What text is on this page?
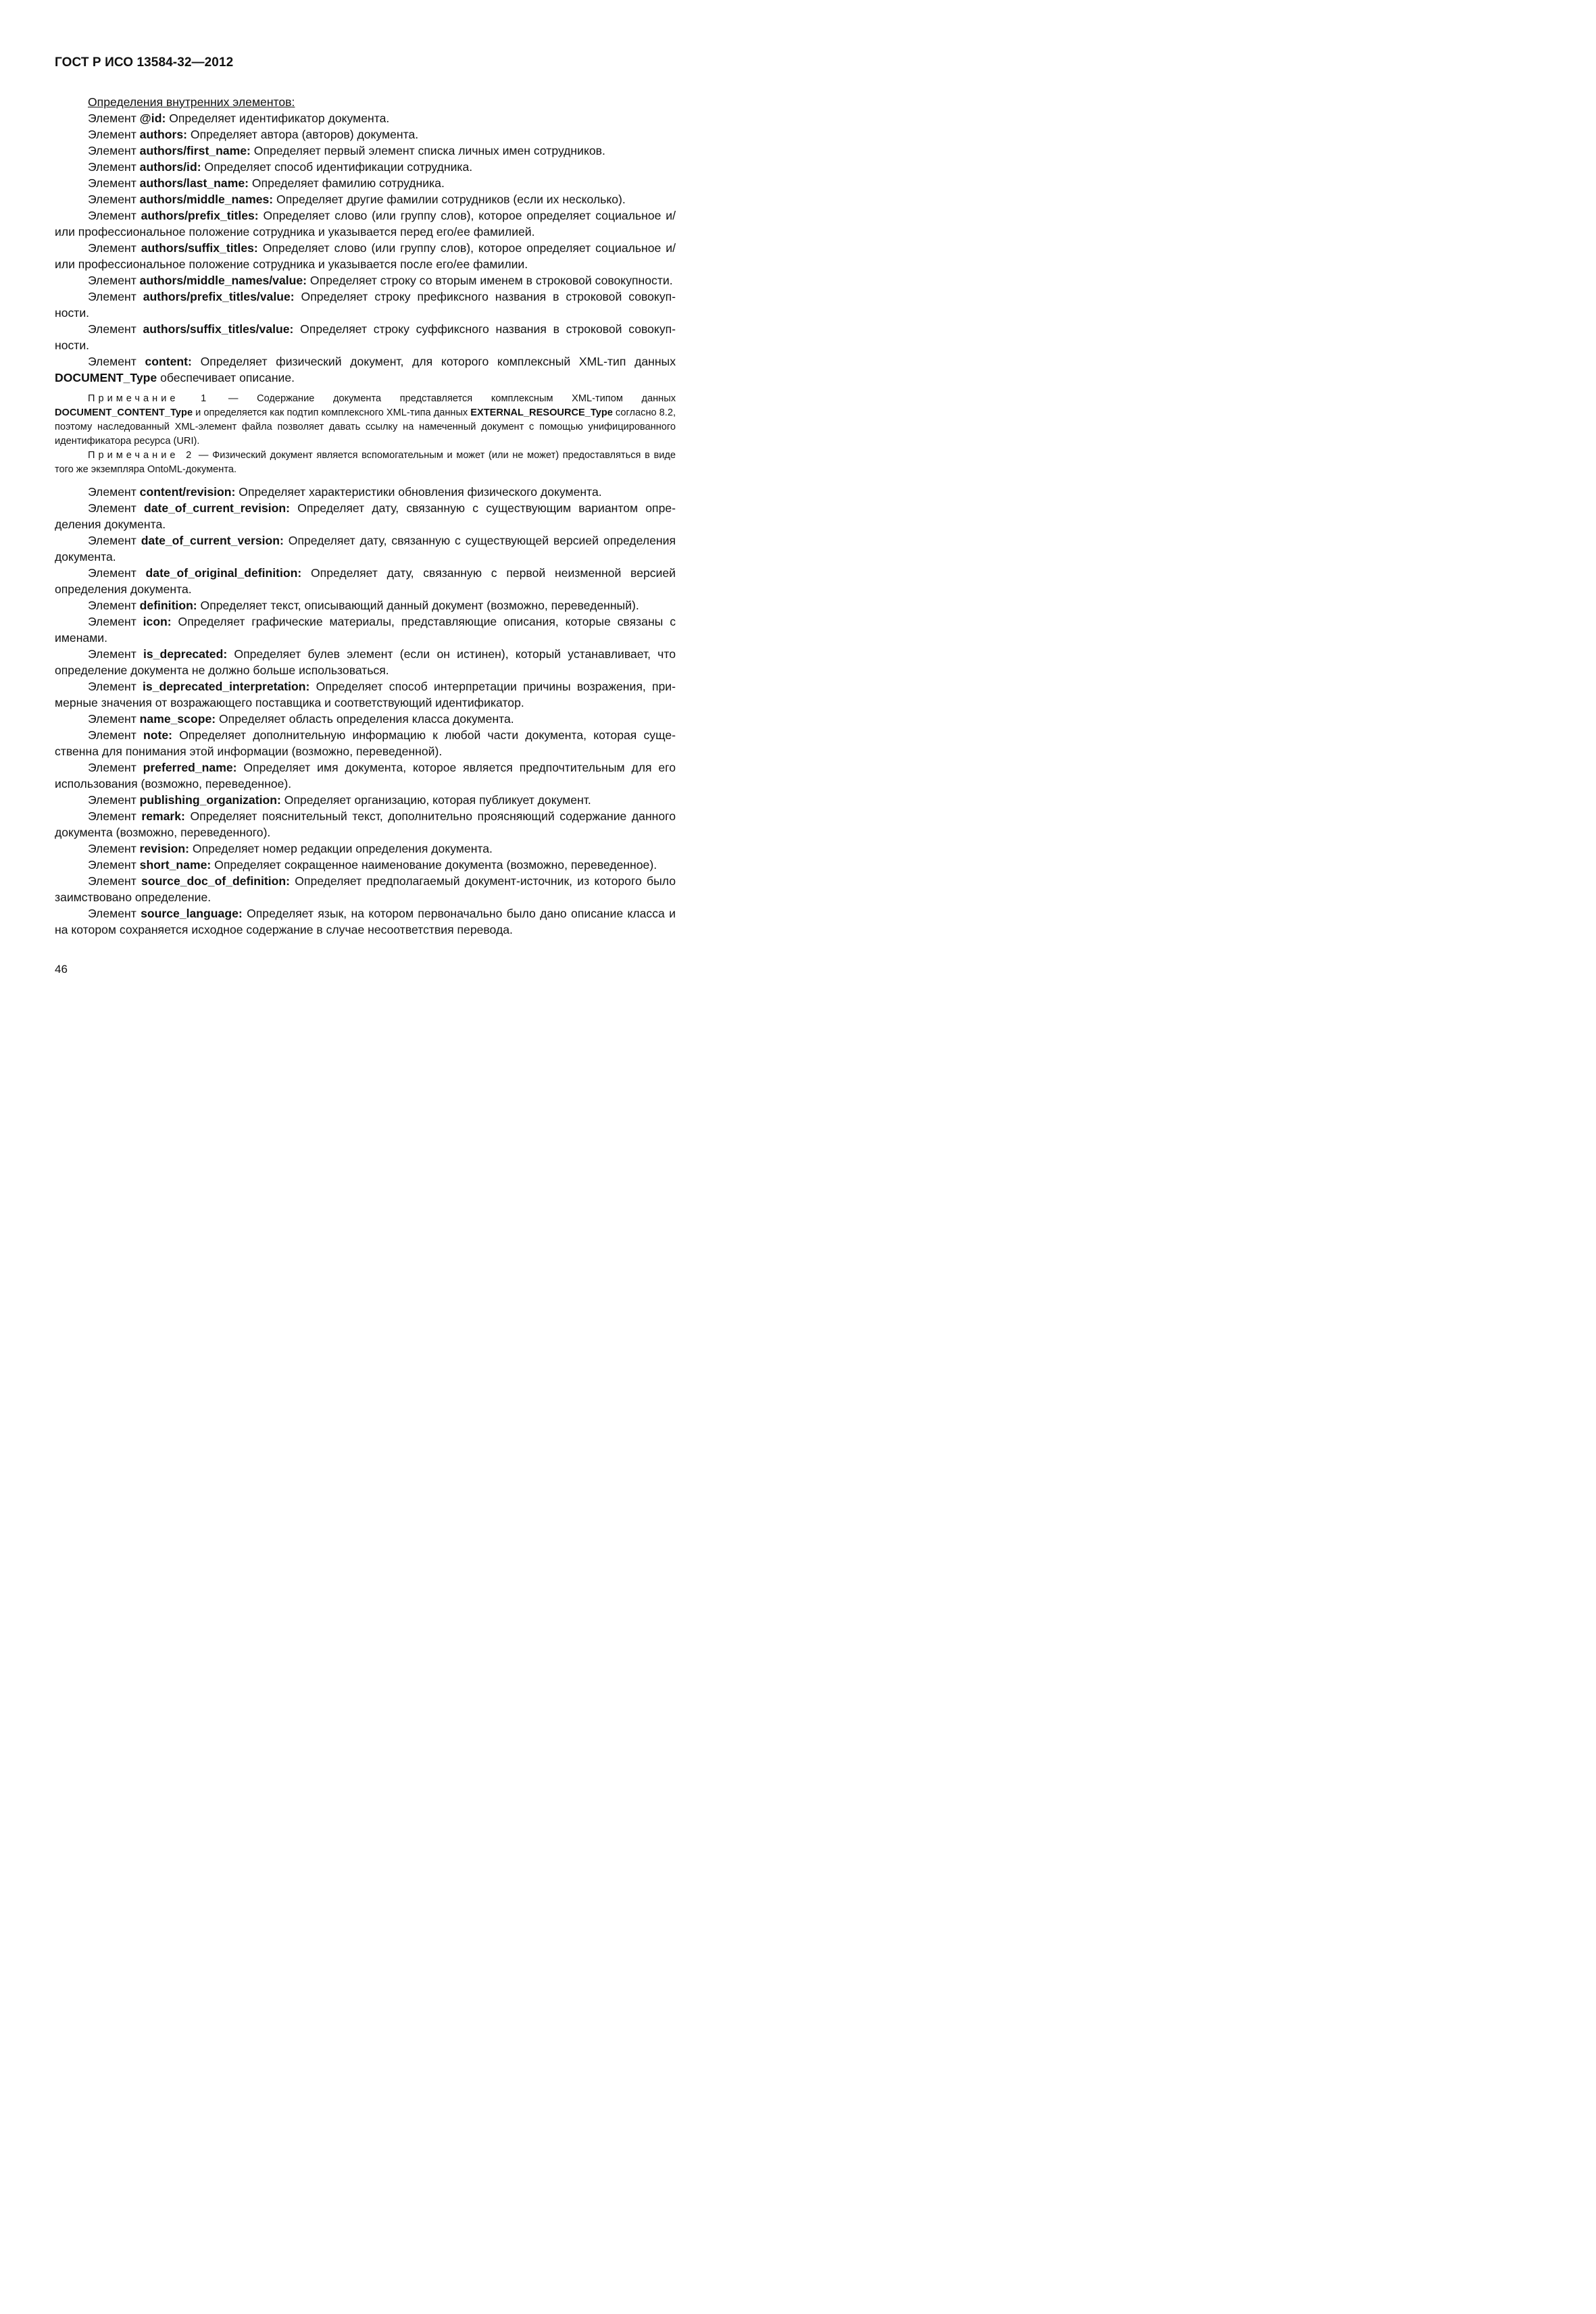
ГОСТ Р ИСО 13584-32—2012

Определения внутренних элементов:

Элемент @id: Определяет идентификатор документа.

Элемент authors: Определяет автора (авторов) документа.

Элемент authors/first_name: Определяет первый элемент списка личных имен сотрудников.

Элемент authors/id: Определяет способ идентификации сотрудника.

Элемент authors/last_name: Определяет фамилию сотрудника.

Элемент authors/middle_names: Определяет другие фамилии сотрудников (если их несколько).

Элемент authors/prefix_titles: Определяет слово (или группу слов), которое определяет социальное и/или профессиональное положение сотрудника и указывается перед его/ее фамилией.

Элемент authors/suffix_titles: Определяет слово (или группу слов), которое определяет социальное и/или профессиональное положение сотрудника и указывается после его/ее фамилии.

Элемент authors/middle_names/value: Определяет строку со вторым именем в строковой совокупности.

Элемент authors/prefix_titles/value: Определяет строку префиксного названия в строковой совокупности.

Элемент authors/suffix_titles/value: Определяет строку суффиксного названия в строковой совокупности.

Элемент content: Определяет физический документ, для которого комплексный XML-тип данных DOCUMENT_Type обеспечивает описание.

Примечание 1 — Содержание документа представляется комплексным XML-типом данных DOCUMENT_CONTENT_Type и определяется как подтип комплексного XML-типа данных EXTERNAL_RESOURCE_Type согласно 8.2, поэтому наследованный XML-элемент файла позволяет давать ссылку на намеченный документ с помощью унифицированного идентификатора ресурса (URI).

Примечание 2 — Физический документ является вспомогательным и может (или не может) предоставляться в виде того же экземпляра OntoML-документа.

Элемент content/revision: Определяет характеристики обновления физического документа.

Элемент date_of_current_revision: Определяет дату, связанную с существующим вариантом определения документа.

Элемент date_of_current_version: Определяет дату, связанную с существующей версией определения документа.

Элемент date_of_original_definition: Определяет дату, связанную с первой неизменной версией определения документа.

Элемент definition: Определяет текст, описывающий данный документ (возможно, переведенный).

Элемент icon: Определяет графические материалы, представляющие описания, которые связаны с именами.

Элемент is_deprecated: Определяет булев элемент (если он истинен), который устанавливает, что определение документа не должно больше использоваться.

Элемент is_deprecated_interpretation: Определяет способ интерпретации причины возражения, примерные значения от возражающего поставщика и соответствующий идентификатор.

Элемент name_scope: Определяет область определения класса документа.

Элемент note: Определяет дополнительную информацию к любой части документа, которая существенна для понимания этой информации (возможно, переведенной).

Элемент preferred_name: Определяет имя документа, которое является предпочтительным для его использования (возможно, переведенное).

Элемент publishing_organization: Определяет организацию, которая публикует документ.

Элемент remark: Определяет пояснительный текст, дополнительно проясняющий содержание данного документа (возможно, переведенного).

Элемент revision: Определяет номер редакции определения документа.

Элемент short_name: Определяет сокращенное наименование документа (возможно, переведенное).

Элемент source_doc_of_definition: Определяет предполагаемый документ-источник, из которого было заимствовано определение.

Элемент source_language: Определяет язык, на котором первоначально было дано описание класса и на котором сохраняется исходное содержание в случае несоответствия перевода.

46
